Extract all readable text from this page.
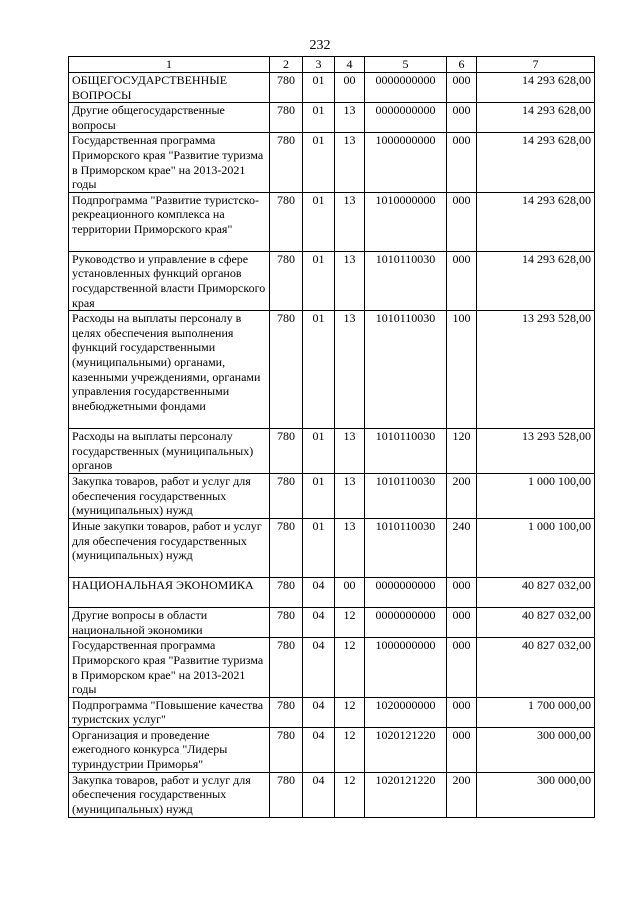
232
1	2	3	4	5	6	7
ОБЩЕГОСУДАРСТВЕННЫЕ ВОПРОСЫ	780	01	00	0000000000	000	14 293 628,00
Другие общегосударственные вопросы	780	01	13	0000000000	000	14 293 628,00
Государственная программа Приморского края "Развитие туризма в Приморском крае" на 2013-2021 годы	780	01	13	1000000000	000	14 293 628,00
Подпрограмма "Развитие туристско-рекреационного комплекса на территории Приморского края"	780	01	13	1010000000	000	14 293 628,00
Руководство и управление в сфере установленных функций органов государственной власти Приморского края	780	01	13	1010110030	000	14 293 628,00
Расходы на выплаты персоналу в целях обеспечения выполнения функций государственными (муниципальными) органами, казенными учреждениями, органами управления государственными внебюджетными фондами	780	01	13	1010110030	100	13 293 528,00
Расходы на выплаты персоналу государственных (муниципальных) органов	780	01	13	1010110030	120	13 293 528,00
Закупка товаров, работ и услуг для обеспечения государственных (муниципальных) нужд	780	01	13	1010110030	200	1 000 100,00
Иные закупки товаров, работ и услуг для обеспечения государственных (муниципальных) нужд	780	01	13	1010110030	240	1 000 100,00
НАЦИОНАЛЬНАЯ ЭКОНОМИКА	780	04	00	0000000000	000	40 827 032,00
Другие вопросы в области национальной экономики	780	04	12	0000000000	000	40 827 032,00
Государственная программа Приморского края "Развитие туризма в Приморском крае" на 2013-2021 годы	780	04	12	1000000000	000	40 827 032,00
Подпрограмма "Повышение качества туристских услуг"	780	04	12	1020000000	000	1 700 000,00
Организация и проведение ежегодного конкурса "Лидеры туриндустрии Приморья"	780	04	12	1020121220	000	300 000,00
Закупка товаров, работ и услуг для обеспечения государственных (муниципальных) нужд	780	04	12	1020121220	200	300 000,00
